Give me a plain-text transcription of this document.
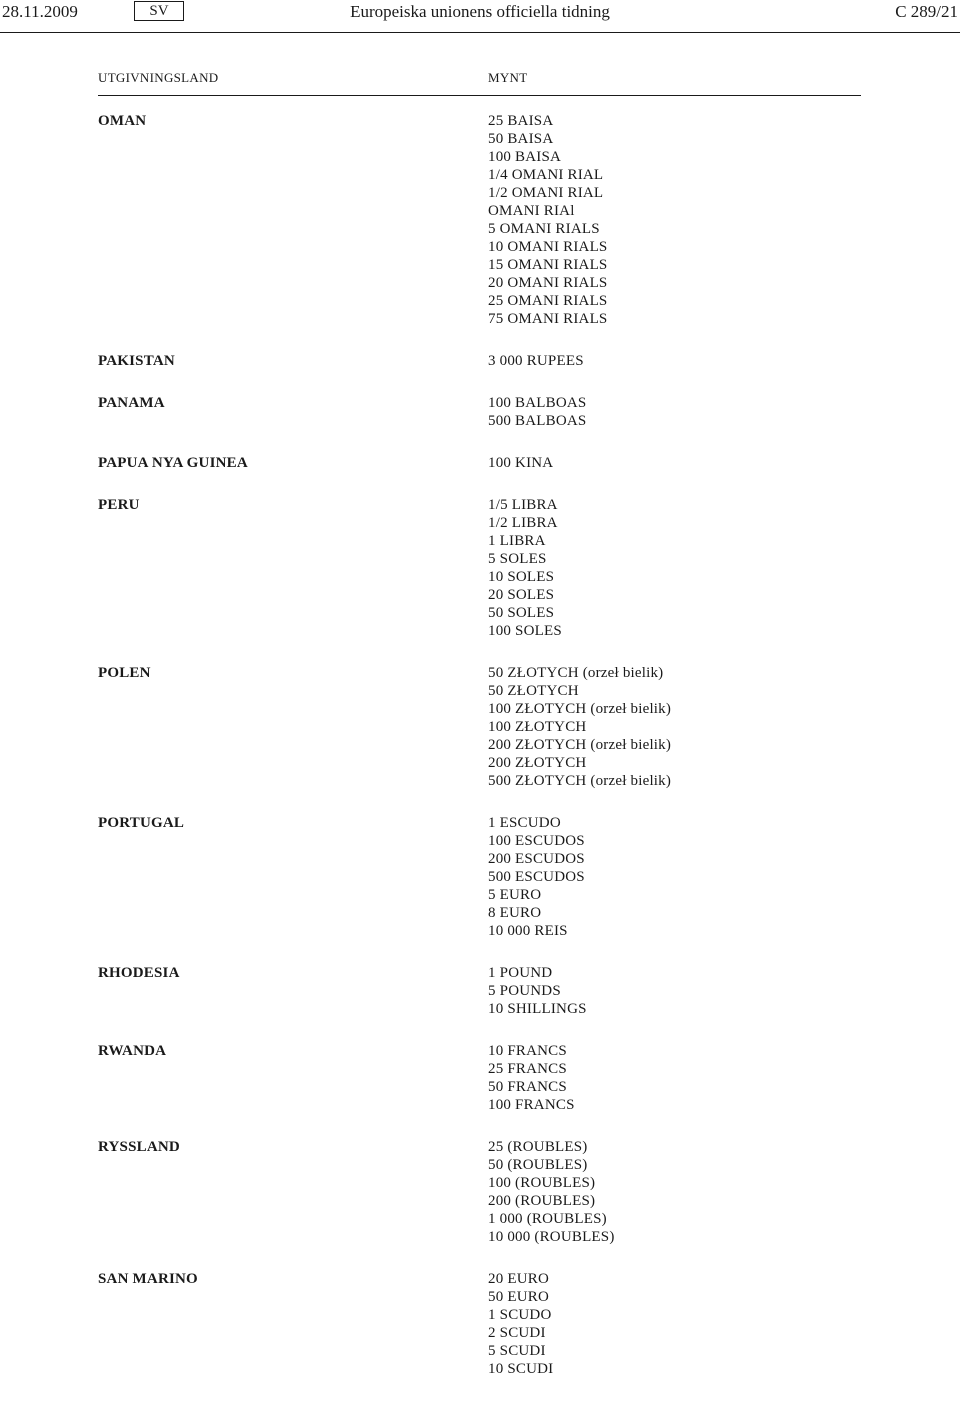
28.11.2009	SV	Europeiska unionens officiella tidning	C 289/21
UTGIVNINGSLAND	MYNT
OMAN	25 BAISA
50 BAISA
100 BAISA
1/4 OMANI RIAL
1/2 OMANI RIAL
OMANI RIAl
5 OMANI RIALS
10 OMANI RIALS
15 OMANI RIALS
20 OMANI RIALS
25 OMANI RIALS
75 OMANI RIALS
PAKISTAN	3 000 RUPEES
PANAMA	100 BALBOAS
500 BALBOAS
PAPUA NYA GUINEA	100 KINA
PERU	1/5 LIBRA
1/2 LIBRA
1 LIBRA
5 SOLES
10 SOLES
20 SOLES
50 SOLES
100 SOLES
POLEN	50 ZŁOTYCH (orzeł bielik)
50 ZŁOTYCH
100 ZŁOTYCH (orzeł bielik)
100 ZŁOTYCH
200 ZŁOTYCH (orzeł bielik)
200 ZŁOTYCH
500 ZŁOTYCH (orzeł bielik)
PORTUGAL	1 ESCUDO
100 ESCUDOS
200 ESCUDOS
500 ESCUDOS
5 EURO
8 EURO
10 000 REIS
RHODESIA	1 POUND
5 POUNDS
10 SHILLINGS
RWANDA	10 FRANCS
25 FRANCS
50 FRANCS
100 FRANCS
RYSSLAND	25 (ROUBLES)
50 (ROUBLES)
100 (ROUBLES)
200 (ROUBLES)
1 000 (ROUBLES)
10 000 (ROUBLES)
SAN MARINO	20 EURO
50 EURO
1 SCUDO
2 SCUDI
5 SCUDI
10 SCUDI
